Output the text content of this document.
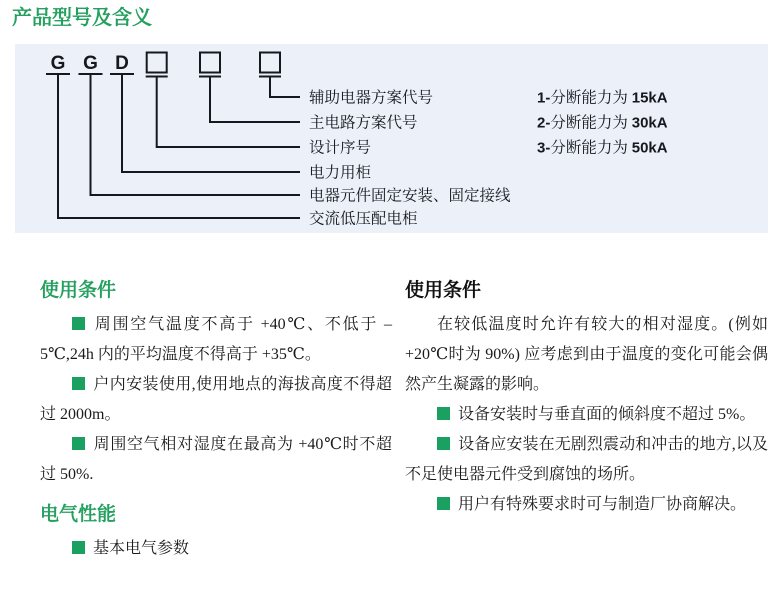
产品型号及含义
G G D
辅助电器方案代号
主电路方案代号
设计序号
电力用柜
电器元件固定安装、固定接线
交流低压配电柜
1-分断能力为 15kA
2-分断能力为 30kA
3-分断能力为 50kA
使用条件

周围空气温度不高于 +40℃、不低于 –5℃,24h 内的平均温度不得高于 +35℃。

户内安装使用,使用地点的海拔高度不得超过 2000m。

周围空气相对湿度在最高为 +40℃时不超过 50%.

电气性能

基本电气参数

使用条件

在较低温度时允许有较大的相对湿度。(例如+20℃时为 90%) 应考虑到由于温度的变化可能会偶然产生凝露的影响。

设备安装时与垂直面的倾斜度不超过 5%。

设备应安装在无剧烈震动和冲击的地方,以及不足使电器元件受到腐蚀的场所。

用户有特殊要求时可与制造厂协商解决。
